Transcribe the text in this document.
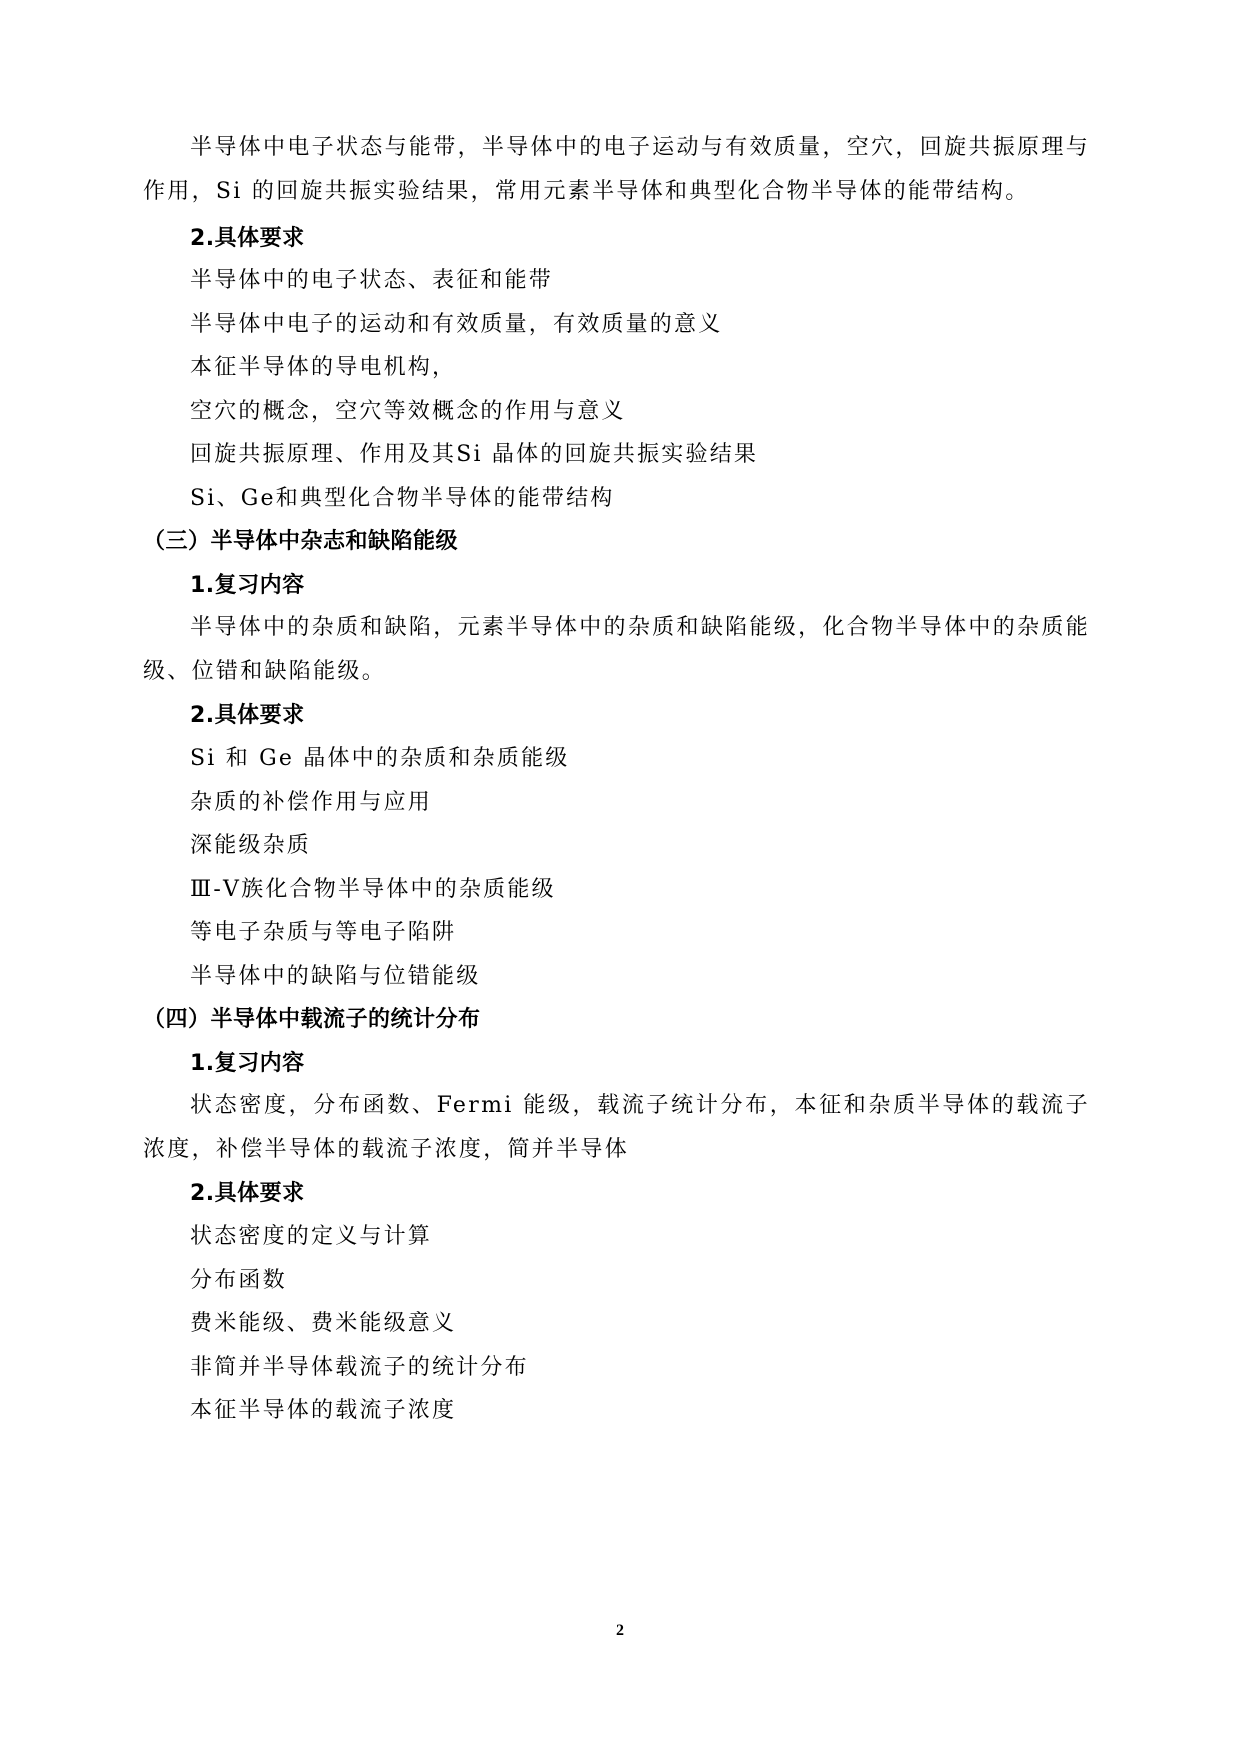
半导体中电子状态与能带，半导体中的电子运动与有效质量，空穴，回旋共振原理与作用，Si 的回旋共振实验结果，常用元素半导体和典型化合物半导体的能带结构。
2.具体要求
半导体中的电子状态、表征和能带
半导体中电子的运动和有效质量，有效质量的意义
本征半导体的导电机构，
空穴的概念，空穴等效概念的作用与意义
回旋共振原理、作用及其Si 晶体的回旋共振实验结果
Si、Ge和典型化合物半导体的能带结构
（三）半导体中杂志和缺陷能级
1.复习内容
半导体中的杂质和缺陷，元素半导体中的杂质和缺陷能级，化合物半导体中的杂质能级、位错和缺陷能级。
2.具体要求
Si 和 Ge 晶体中的杂质和杂质能级
杂质的补偿作用与应用
深能级杂质
Ⅲ-Ⅴ族化合物半导体中的杂质能级
等电子杂质与等电子陷阱
半导体中的缺陷与位错能级
（四）半导体中载流子的统计分布
1.复习内容
状态密度，分布函数、Fermi 能级，载流子统计分布，本征和杂质半导体的载流子浓度，补偿半导体的载流子浓度，简并半导体
2.具体要求
状态密度的定义与计算
分布函数
费米能级、费米能级意义
非简并半导体载流子的统计分布
本征半导体的载流子浓度
2
